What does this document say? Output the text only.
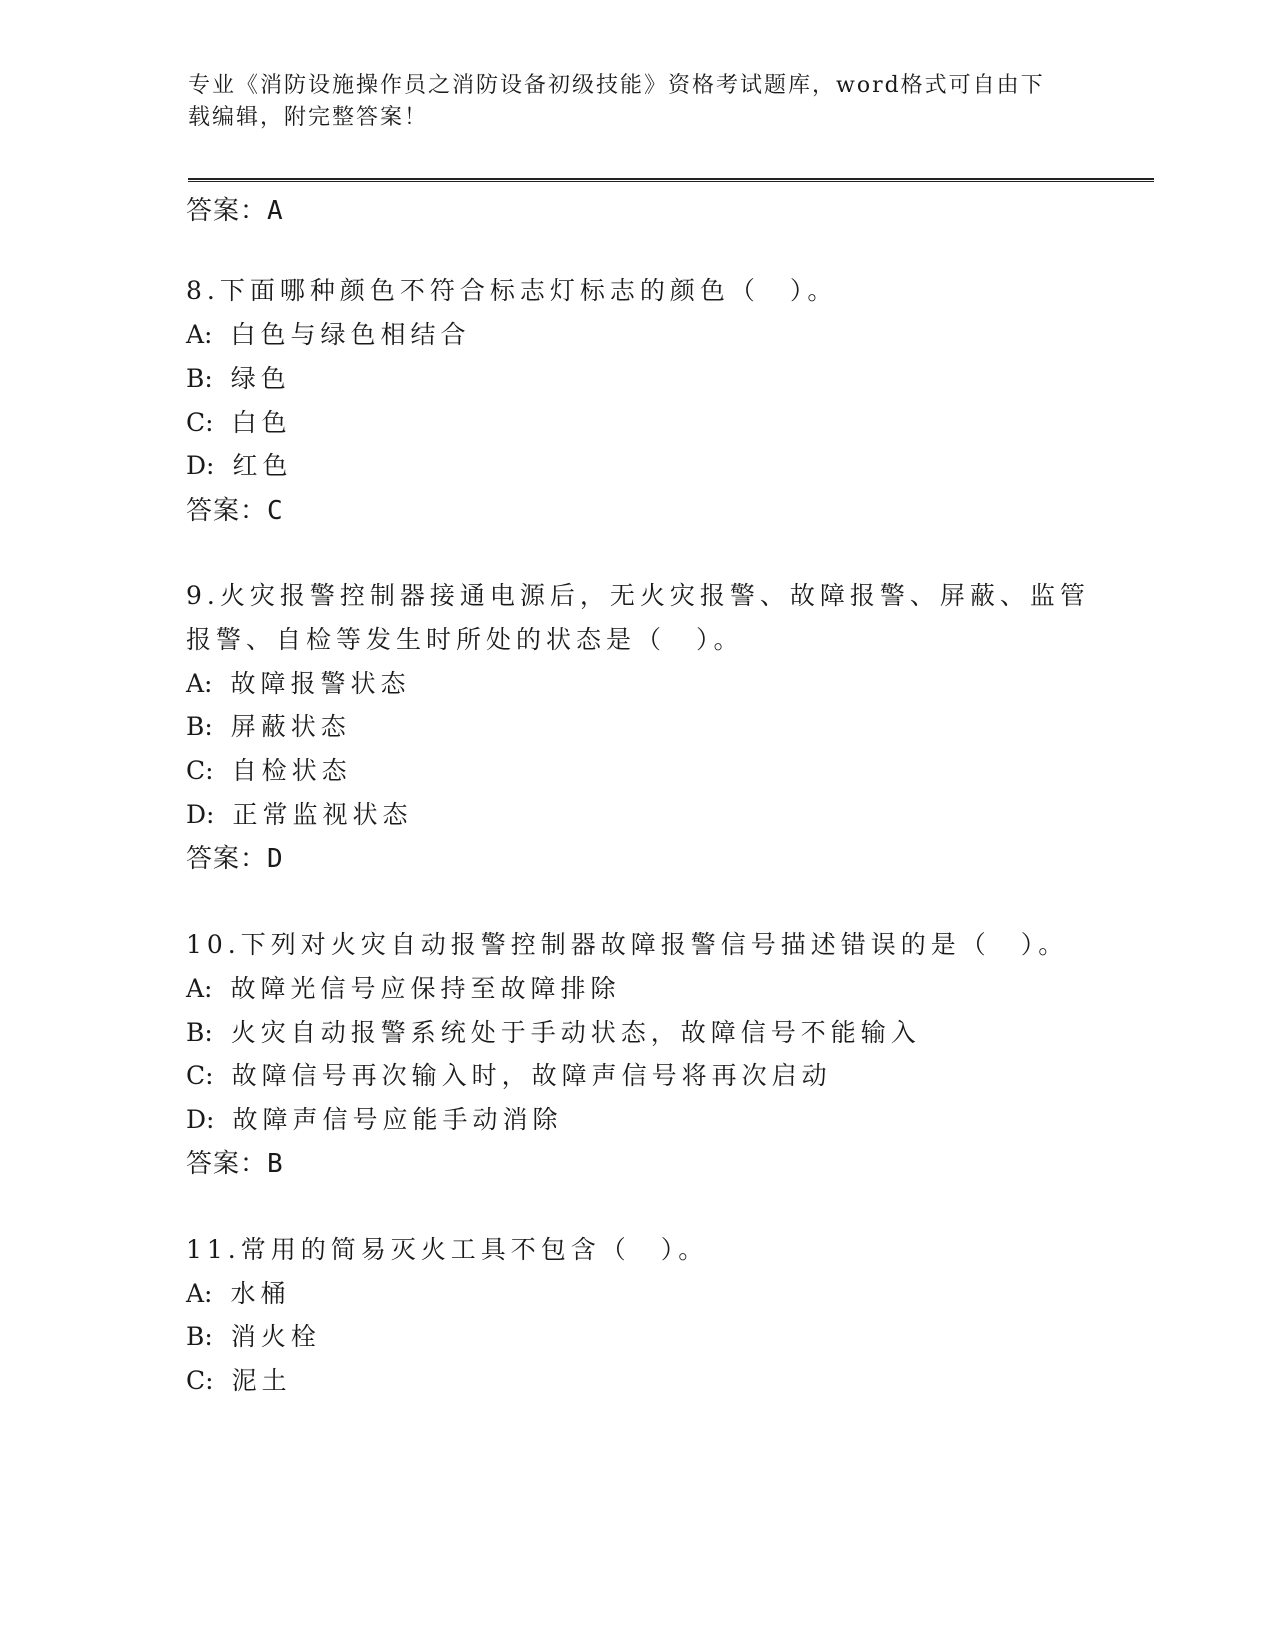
专业《消防设施操作员之消防设备初级技能》资格考试题库，word格式可自由下载编辑，附完整答案！
答案：A
8.下面哪种颜色不符合标志灯标志的颜色（　）。
A: 白色与绿色相结合
B: 绿色
C: 白色
D: 红色
答案：C
9.火灾报警控制器接通电源后，无火灾报警、故障报警、屏蔽、监管
报警、自检等发生时所处的状态是（　）。
A: 故障报警状态
B: 屏蔽状态
C: 自检状态
D: 正常监视状态
答案：D
10.下列对火灾自动报警控制器故障报警信号描述错误的是（　）。
A: 故障光信号应保持至故障排除
B: 火灾自动报警系统处于手动状态，故障信号不能输入
C: 故障信号再次输入时，故障声信号将再次启动
D: 故障声信号应能手动消除
答案：B
11.常用的简易灭火工具不包含（　）。
A: 水桶
B: 消火栓
C: 泥土
